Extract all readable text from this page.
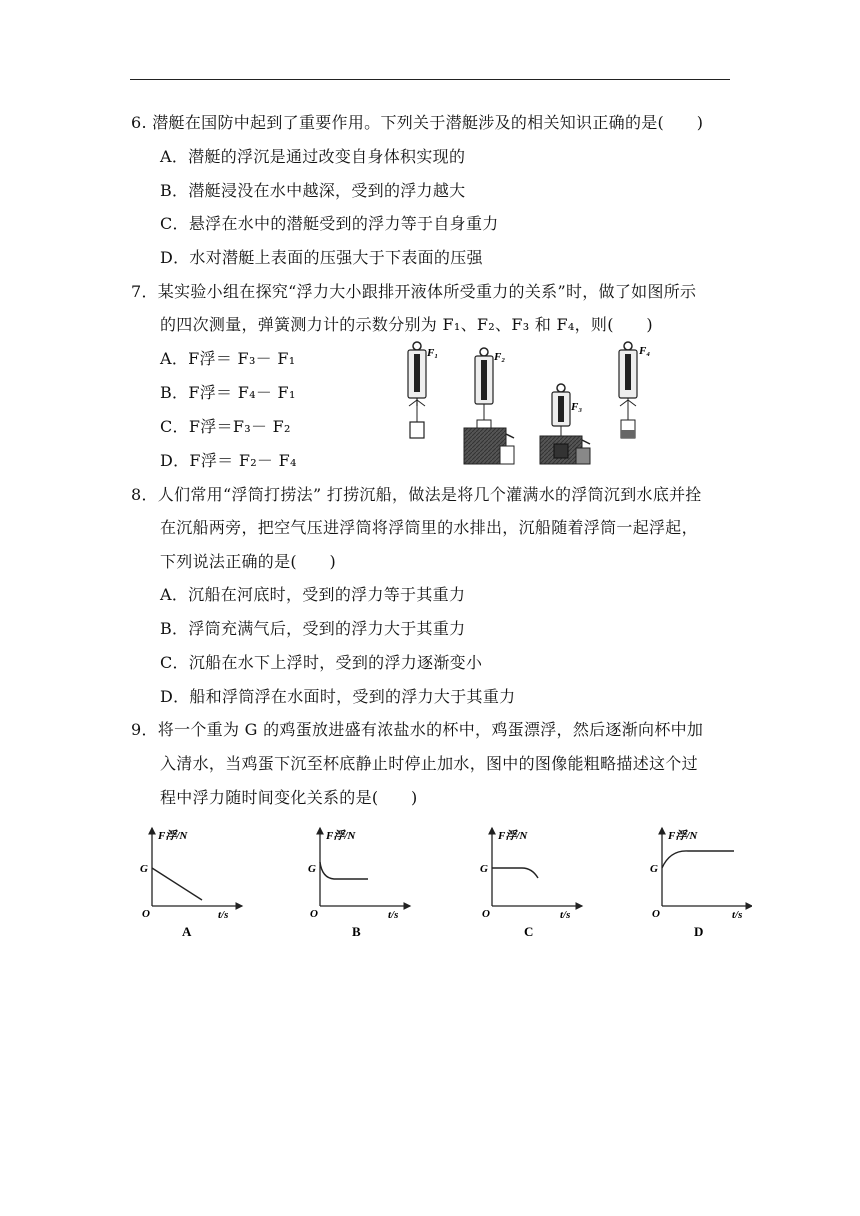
6. 潜艇在国防中起到了重要作用。下列关于潜艇涉及的相关知识正确的是(　　)
A．潜艇的浮沉是通过改变自身体积实现的
B．潜艇浸没在水中越深，受到的浮力越大
C．悬浮在水中的潜艇受到的浮力等于自身重力
D．水对潜艇上表面的压强大于下表面的压强
7．某实验小组在探究“浮力大小跟排开液体所受重力的关系”时，做了如图所示
的四次测量，弹簧测力计的示数分别为 F₁、F₂、F₃ 和 F₄，则(　　)
A．F浮＝ F₃－ F₁
B．F浮＝ F₄－ F₁
C．F浮＝F₃－ F₂
D．F浮＝ F₂－ F₄
F₁	F₂
F₃
F₄
8．人们常用“浮筒打捞法” 打捞沉船，做法是将几个灌满水的浮筒沉到水底并拴
在沉船两旁，把空气压进浮筒将浮筒里的水排出，沉船随着浮筒一起浮起，
下列说法正确的是(　　)
A．沉船在河底时，受到的浮力等于其重力
B．浮筒充满气后，受到的浮力大于其重力
C．沉船在水下上浮时，受到的浮力逐渐变小
D．船和浮筒浮在水面时，受到的浮力大于其重力
9．将一个重为 G 的鸡蛋放进盛有浓盐水的杯中，鸡蛋漂浮，然后逐渐向杯中加
入清水，当鸡蛋下沉至杯底静止时停止加水，图中的图像能粗略描述这个过
程中浮力随时间变化关系的是(　　)
F浮/N
G
O	t/s
A
F浮/N
G
O	t/s
B
F浮/N
G
O	t/s
C
F浮/N
G
O	t/s
D
